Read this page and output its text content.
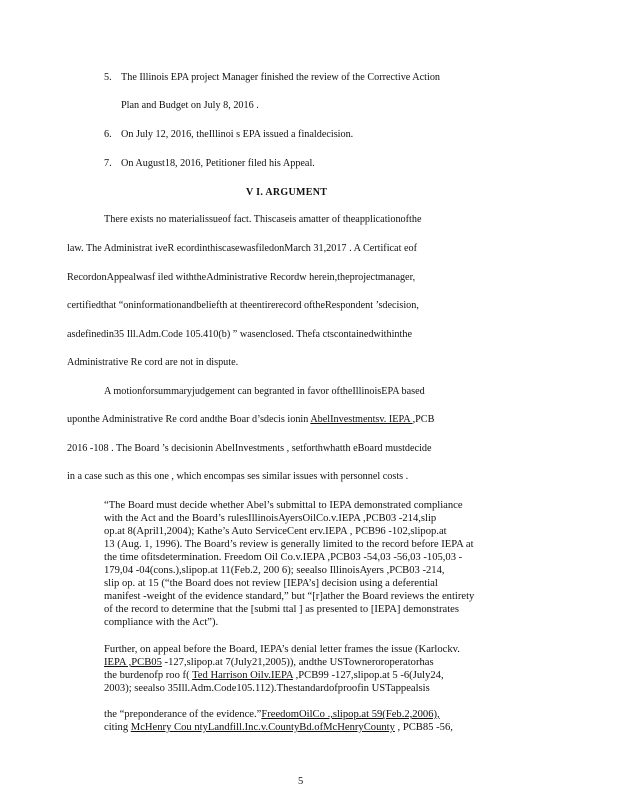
5. The Illinois EPA project Manager finished the review of the Corrective Action
Plan and Budget on July 8, 2016 .
6. On July 12, 2016, theIllinoi s EPA issued a finaldecision.
7. On August18, 2016, Petitioner filed his Appeal.
V I. ARGUMENT
There exists no materialissueof fact. Thiscaseis amatter of theapplicationofthe
law. The Administrat iveR ecordinthiscasewasfiledonMarch 31,2017 . A Certificat eof
RecordonAppealwasf iled withtheAdministrative Recordw herein,theprojectmanager,
certifiedthat “oninformationandbeliefth at theentirerecord oftheRespondent ’sdecision,
asdefinedin35 Ill.Adm.Code 105.410(b) ” wasenclosed. Thefa ctscontainedwithinthe
Administrative Re cord are not in dispute.
A motionforsummaryjudgement can begranted in favor oftheIllinoisEPA based
uponthe Administrative Re cord andthe Boar d’sdecis ionin AbelInvestmentsv. IEPA ,PCB
2016 -108 . The Board ’s decisionin AbelInvestments , setforthwhatth eBoard mustdecide
in a case such as this one , which encompas ses similar issues with personnel costs .
“The Board must decide whether Abel’s submittal to IEPA demonstrated compliance
with the Act and the Board’s rulesIllinoisAyersOilCo.v.IEPA ,PCB03 -214,slip
op.at 8(April1,2004); Kathe’s Auto ServiceCent erv.IEPA , PCB96 -102,slipop.at
13 (Aug. 1, 1996). The Board’s review is generally limited to the record before IEPA at
the time ofitsdetermination. Freedom Oil Co.v.IEPA ,PCB03 -54,03 -56,03 -105,03 -
179,04 -04(cons.),slipop.at 11(Feb.2, 200 6); seealso IllinoisAyers ,PCB03 -214,
slip op. at 15 (“the Board does not review [IEPA’s] decision using a deferential
manifest -weight of the evidence standard,” but “[r]ather the Board reviews the entirety
of the record to determine that the [submi ttal ] as presented to [IEPA] demonstrates
compliance with the Act”).
Further, on appeal before the Board, IEPA’s denial letter frames the issue (Karlockv.
IEPA ,PCB05 -127,slipop.at 7(July21,2005)), andthe USTowneroroperatorhas
the burdenofp roo f( Ted Harrison Oilv.IEPA ,PCB99 -127,slipop.at 5 -6(July24,
2003); seealso 35Ill.Adm.Code105.112).Thestandardofproofin USTappealsis
the “preponderance of the evidence.”FreedomOilCo .,slipop.at 59(Feb.2,2006),
citing McHenry Cou ntyLandfill.Inc.v.CountyBd.ofMcHenryCounty , PCB85 -56,
5
